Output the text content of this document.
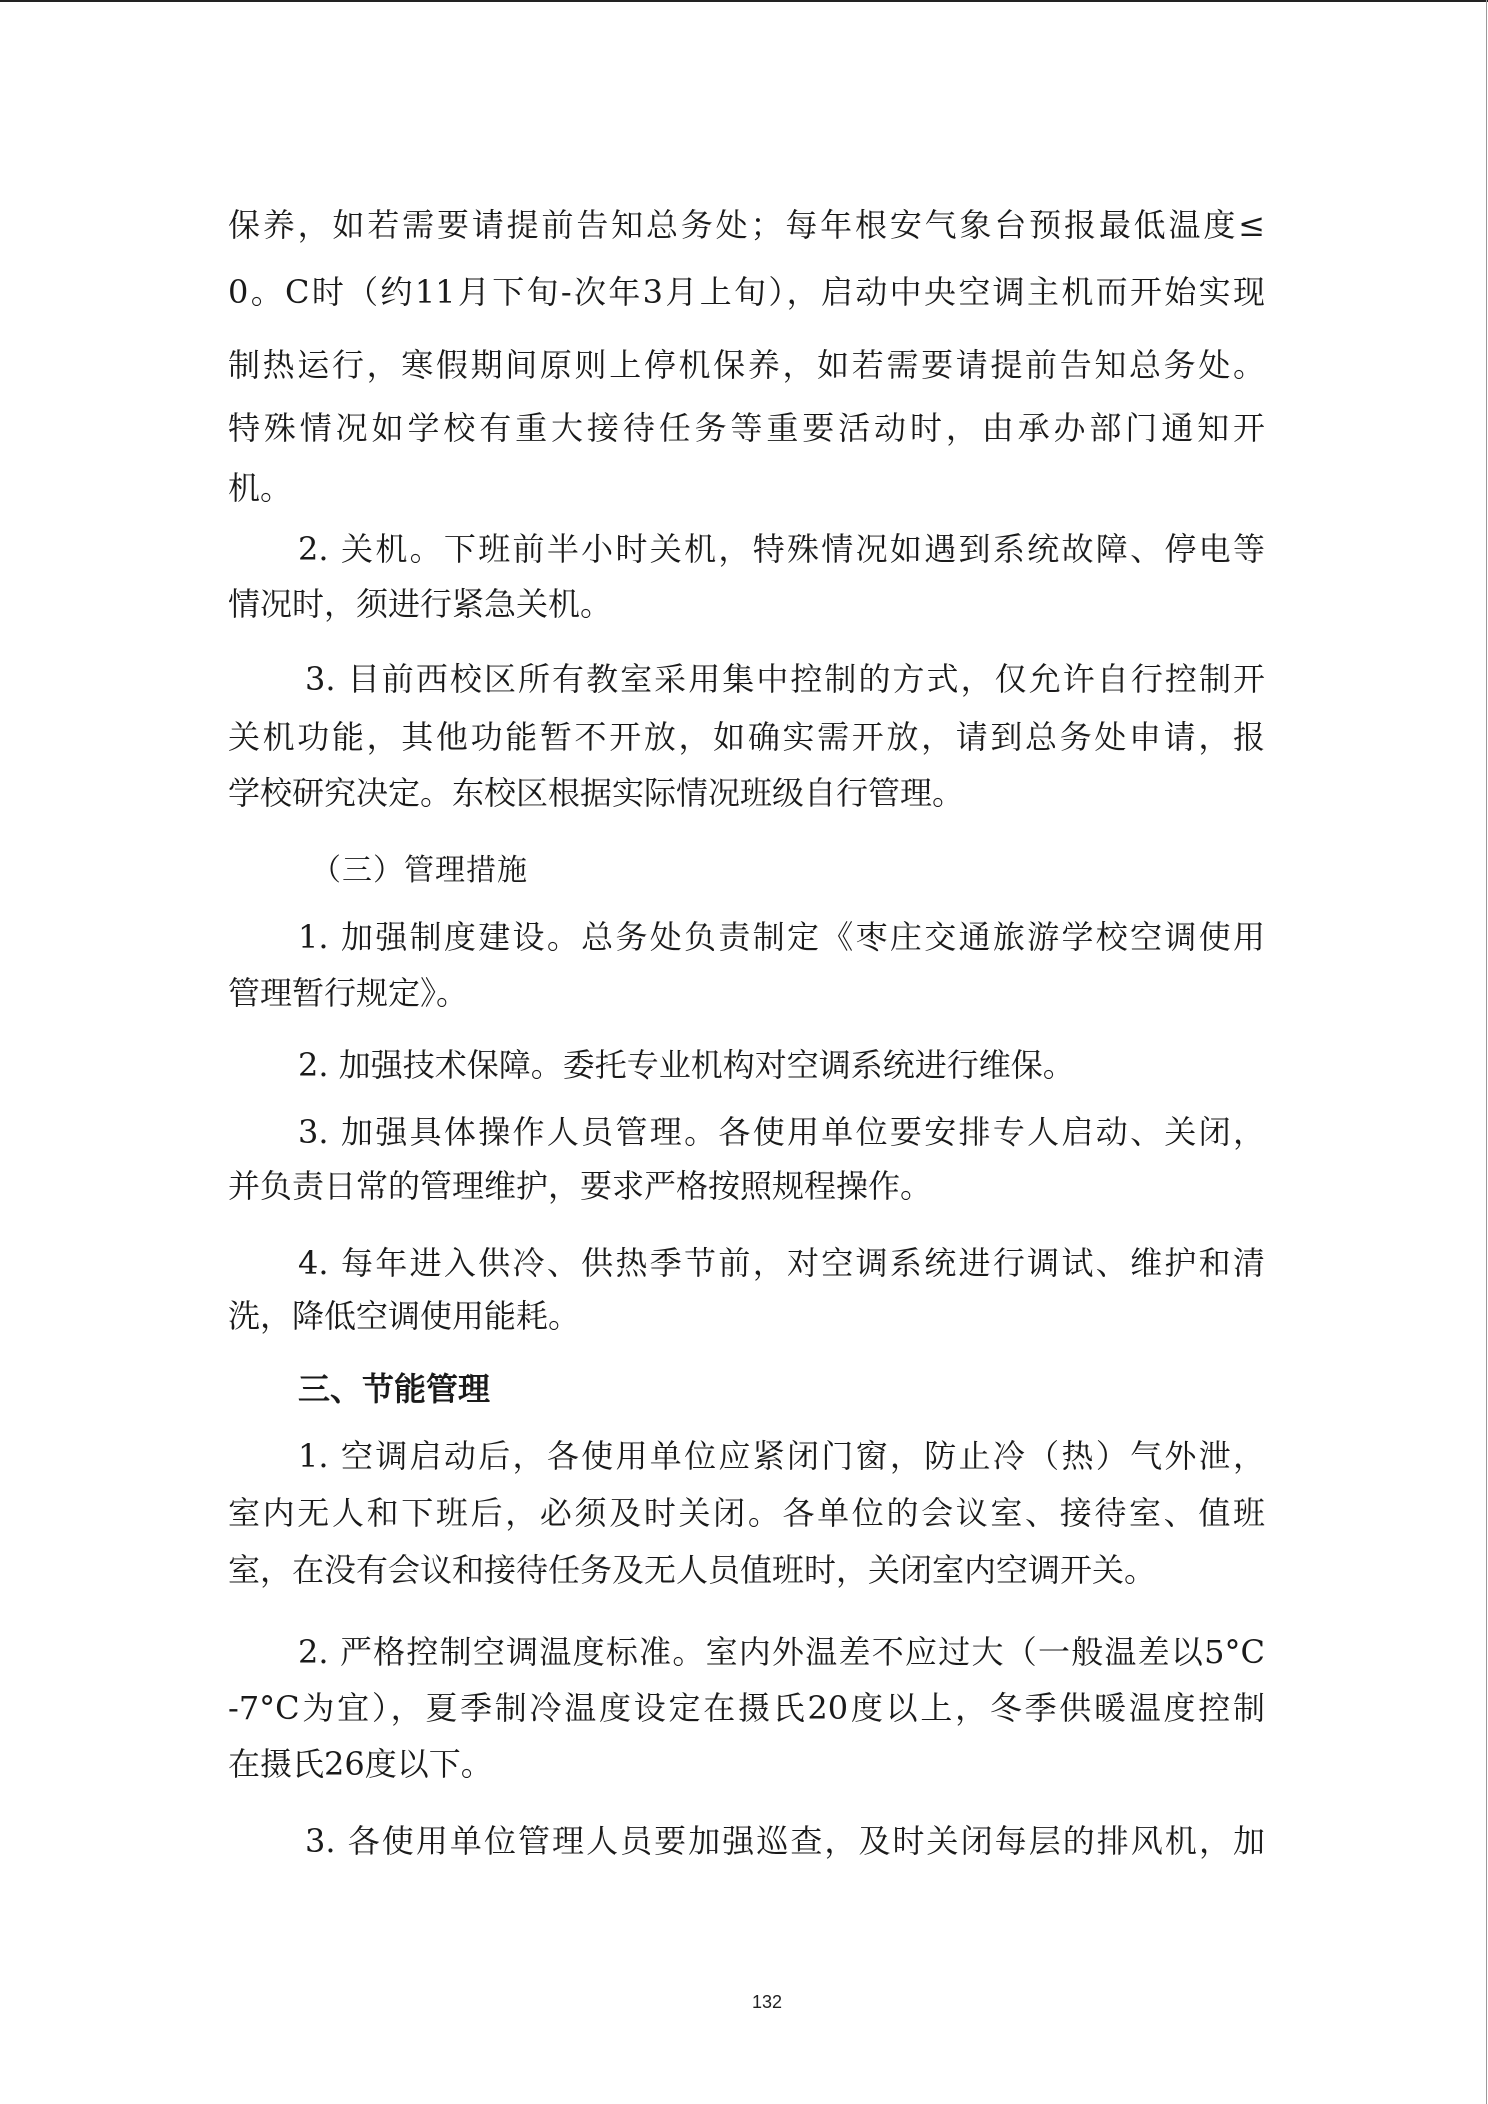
保养，如若需要请提前告知总务处；每年根安气象台预报最低温度≤
0。C时（约11月下旬-次年3月上旬），启动中央空调主机而开始实现
制热运行，寒假期间原则上停机保养，如若需要请提前告知总务处。
特殊情况如学校有重大接待任务等重要活动时，由承办部门通知开
机。
2. 关机。下班前半小时关机，特殊情况如遇到系统故障、停电等
情况时，须进行紧急关机。
3. 目前西校区所有教室采用集中控制的方式，仅允许自行控制开
关机功能，其他功能暂不开放，如确实需开放，请到总务处申请，报
学校研究决定。东校区根据实际情况班级自行管理。
（三）管理措施
1. 加强制度建设。总务处负责制定《枣庄交通旅游学校空调使用
管理暂行规定》。
2. 加强技术保障。委托专业机构对空调系统进行维保。
3. 加强具体操作人员管理。各使用单位要安排专人启动、关闭，
并负责日常的管理维护，要求严格按照规程操作。
4. 每年进入供冷、供热季节前，对空调系统进行调试、维护和清
洗，降低空调使用能耗。
三、节能管理
1. 空调启动后，各使用单位应紧闭门窗，防止冷（热）气外泄，
室内无人和下班后，必须及时关闭。各单位的会议室、接待室、值班
室，在没有会议和接待任务及无人员值班时，关闭室内空调开关。
2. 严格控制空调温度标准。室内外温差不应过大（一般温差以5°C
-7°C为宜），夏季制冷温度设定在摄氏20度以上，冬季供暖温度控制
在摄氏26度以下。
3. 各使用单位管理人员要加强巡查，及时关闭每层的排风机，加
132
